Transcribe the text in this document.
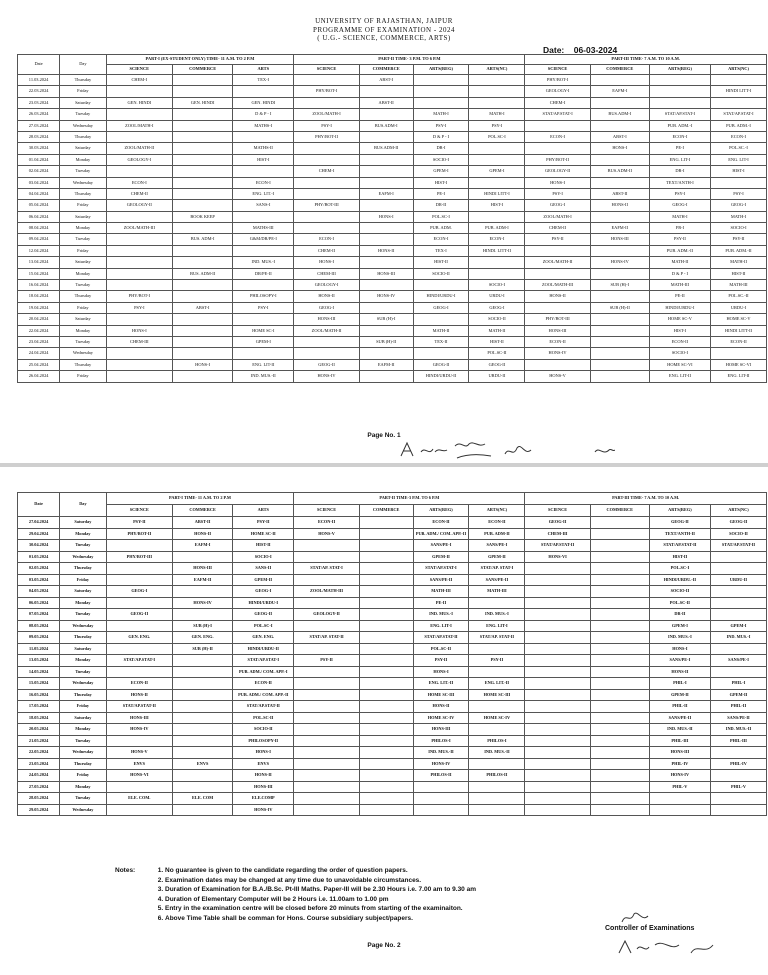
UNIVERSITY OF RAJASTHAN, JAIPUR
PROGRAMME OF EXAMINATION - 2024
( U.G.- SCIENCE, COMMERCE, ARTS)
Date: 06-03-2024
Date	Day	PART-I (EX-STUDENT ONLY) TIME- 11 A.M. TO 2 P.M			PART-II TIME- 3 P.M. TO 6 P.M				PART-III TIME- 7 A.M. TO 10 A.M.			
		SCIENCE	COMMERCE	ARTS	SCIENCE	COMMERCE	ARTS(REG)	ARTS(NC)	SCIENCE	COMMERCE	ARTS(REG)	ARTS(NC)
11.03.2024	Thursday	CHEM-I		TEX-I		ABST-I			PHY/BOT-I			
22.03.2024	Friday				PHY/BOT-I				GEOLOGY-I	EAFM-I		HINDI LITT-I
23.03.2024	Saturday	GEN. HINDI	GEN. HINDI	GEN. HINDI		ABST-II			CHEM-I			
26.03.2024	Tuesday			D & P - I	ZOOL/MATH-I		MATH-I	MATH-I	STAT/AP.STAT-I	BUS.ADM-I	STAT/AP.STAT-I	STAT/AP.STAT-I
27.03.2024	Wednesday	ZOOL/MATH-I		MATHS-I	PSY-I	BUS.ADM-I	PSY-I	PSY-I			PUB. ADM.-I	PUB. ADM.-I
28.03.2024	Thursday				PHY/BOT-II		D & P - I	POL.SC-I	ECON-I	ABST-I	ECON-I	ECON-I
30.03.2024	Saturday	ZOOL/MATH-II		MATHS-II		BUS.ADM-II	DR-I			HONS-I	PE-I	POL.SC.-I
01.04.2024	Monday	GEOLOGY-I		HIST-I			SOCIO-I		PHY/BOT-II		ENG. LIT-I	ENG. LIT-I
02.04.2024	Tuesday				CHEM-I		GPEM-I	GPEM-I	GEOLOGY-II	BUS.ADM-II	DR-I	HIST-I
03.04.2024	Wednesday	ECON-I		ECON-I			HIST-I		HONS-I		TEXT/ANTH-I	
04.04.2024	Thursday	CHEM-II		ENG. LIT.-I		EAFM-I	PE-I	HINDI LITT-I	PSY-I	ABST-II	PSY-I	PSY-I
05.04.2024	Friday	GEOLOGY-II		SANS-I	PHY/BOT-III		DR-II	HIST-I	GEOG-I	HONS-II	GEOG-I	GEOG-I
06.04.2024	Saturday		BOOK KEEP			HONS-I	POL.SC-I		ZOOL/MATH-I		MATH-I	MATH-I
08.04.2024	Monday	ZOOL/MATH-III		MATHS-III			PUB. ADM.	PUB. ADM-I	CHEM-II	EAFM-II	FR-I	SOCIO-I
09.04.2024	Tuesday		BUS. ADM-I	G&M/DR/PE-I	ECON-I		ECON-I	ECON-I	PSY-II	HONS-III	PSY-II	PSY-II
12.04.2024	Friday				CHEM-II	HONS-II	TEX-I	HINDI. LITT-II			PUB. ADM.-II	PUB. ADM.-II
13.04.2024	Saturday			IND. MUS.-I	HONS-I		HIST-II		ZOOL/MATH-II	HONS-IV	MATH-II	MATH-II
15.04.2024	Monday		BUS. ADM-II	DR/PE-II	CHEM-III	HONS-III	SOCIO-II				D & P - I	HIST-II
16.04.2024	Tuesday				GEOLOGY-I			SOCIO-I	ZOOL/MATH-III	SUB (H)-I	MATH-III	MATH-III
18.04.2024	Thursday	PHY/BOT-I		PHILOSOPY-I	HONS-II	HONS-IV	HINDI/URDU-I	URDU-I	HONS-II		PE-II	POL.SC.-II
19.04.2024	Friday	PSY-I	ABST-I	PSY-I	GEOG-I		GEOG-I	GEOG-I		SUB (H)-II	HINDI/URDU-I	URDU-I
20.04.2024	Saturday				HONS-III	SUB (H)-I		SOCIO-II	PHY/BOT-III		HOME SC-V	HOME SC-V
22.04.2024	Monday	HONS-I		HOME SC-I	ZOOL/MATH-II		MATH-II	MATH-II	HONS-III		HIST-I	HINDI LITT-II
23.04.2024	Tuesday	CHEM-III		GPEM-I		SUB (H)-II	TEX-II	HIST-II	ECON-II		ECON-II	ECON-II
24.04.2024	Wednesday							POL.SC-II	HONS-IV		SOCIO-I	
25.04.2024	Thursday		HONS-I	ENG. LIT-II	GEOG-II	EAFM-II	GEOG-II	GEOG-II			HOME SC-VI	HOME SC-VI
26.04.2024	Friday			IND. MUS.-II	HONS-IV		HINDI/URDU-II	URDU-II	HONS-V		ENG. LIT-II	ENG. LIT-II
Page No. 1
Date	Day	PART-I TIME- 11 A.M. TO 2 P.M			PART-II TIME-3 P.M. TO 6 P.M				PART-III TIME- 7 A.M. TO 10 A.M.			
		SCIENCE	COMMERCE	ARTS	SCIENCE	COMMERCE	ARTS(REG)	ARTS(NC)	SCIENCE	COMMERCE	ARTS(REG)	ARTS(NC)
27.04.2024	Saturday	PSY-II	ABST-II	PSY-II	ECON-II		ECON-II	ECON-II	GEOG-II		GEOG-II	GEOG-II
29.04.2024	Monday	PHY/BOT-II	HONS-II	HOME SC-II	HONS-V		PUB. ADM./ COM. APP.-II	PUB. ADM-II	CHEM-III		TEXT/ANTH-II	SOCIO-II
30.04.2024	Tuesday		EAFM-I	HIST-II			SANS/PE-I	SANS/PE-I	STAT/AP.STAT-II		STAT/AP.STAT-II	STAT/AP.STAT-II
01.05.2024	Wednesday	PHY/BOT-III		SOCIO-I			GPEM-II	GPEM-II	HONS-VI		HIST-II	
02.05.2024	Thursday		HONS-III	SANS-II	STAT/AP. STAT-I		STAT/AP.STAT-I	STAT/AP. STAT-I			POL.SC-I	
03.05.2024	Friday		EAFM-II	GPEM-II			SANS/PE-II	SANS/PE-II			HINDI/URDU.-II	URDU-II
04.05.2024	Saturday	GEOG-I		GEOG-I	ZOOL/MATH-III		MATH-III	MATH-III			SOCIO-II	
06.05.2024	Monday		HONS-IV	HINDI/URDU-I			PE-II				POL.SC-II	
07.05.2024	Tuesday	GEOG-II		GEOG-II	GEOLOGY-II		IND. MUS.-I	IND. MUS.-I			DR-II	
08.05.2024	Wednesday		SUB (H)-I	POL.SC-I			ENG. LIT-I	ENG. LIT-I			GPEM-I	GPEM-I
09.05.2024	Thursday	GEN. ENG.	GEN. ENG.	GEN. ENG.	STAT/AP. STAT-II		STAT/AP.STAT-II	STAT/AP. STAT-II			IND. MUS.-I	IND. MUS.-I
11.05.2024	Saturday		SUB (H)-II	HINDI/URDU-II			POL.SC-II				HONS-I	
13.05.2024	Monday	STAT/AP.STAT-I		STAT/AP.STAT-I	PSY-II		PSY-II	PSY-II			SANS/PE-I	SANS/PE-I
14.05.2024	Tuesday			PUB. ADM./ COM. APP.-I			HONS-I				HONS-II	
15.05.2024	Wednesday	ECON-II		ECON-II			ENG. LIT.-II	ENG. LIT.-II			PHIL-I	PHIL-I
16.05.2024	Thursday	HONS-II		PUB. ADM./ COM. APP.-II			HOME SC-III	HOME SC-III			GPEM-II	GPEM-II
17.05.2024	Friday	STAT/AP.STAT-II		STAT/AP.STAT-II			HONS-II				PHIL-II	PHIL-II
18.05.2024	Saturday	HONS-III		POL.SC-II			HOME SC-IV	HOME SC-IV			SANS/PE-II	SANS/PE-II
20.05.2024	Monday	HONS-IV		SOCIO-II			HONS-III				IND. MUS.-II	IND. MUS.-II
21.05.2024	Tuesday			PHILOSOPY-II			PHILOS-I	PHILOS-I			PHIL-III	PHIL-III
22.05.2024	Wednesday	HONS-V		HONS-I			IND. MUS.-II	IND. MUS.-II			HONS-III	
23.05.2024	Thursday	ENVS	ENVS	ENVS			HONS-IV				PHIL-IV	PHIL-IV
24.05.2024	Friday	HONS-VI		HONS-II			PHILOS-II	PHILOS-II			HONS-IV	
27.05.2024	Monday			HONS-III							PHIL-V	PHIL-V
28.05.2024	Tuesday	ELE. COM.	ELE. COM	ELE.COMP								
29.05.2024	Wednesday			HONS-IV								
Notes:	1. No guarantee is given to the candidate regarding the order of question papers.
2. Examination dates may be changed at any time due to unavoidable circumstances.
3. Duration of Examination for B.A./B.Sc. Pt-III Maths. Paper-III will be 2.30 Hours i.e. 7.00 am to 9.30 am
4. Duration of Elementary Computer will be 2 Hours i.e. 11.00am to 1.00 pm
5. Entry in the examination centre will be closed before 20 minuts from starting of the examinaiton.
6. Above Time Table shall be comman for Hons. Course subsidiary subject/papers.
Controller of Examinations
Page No. 2
